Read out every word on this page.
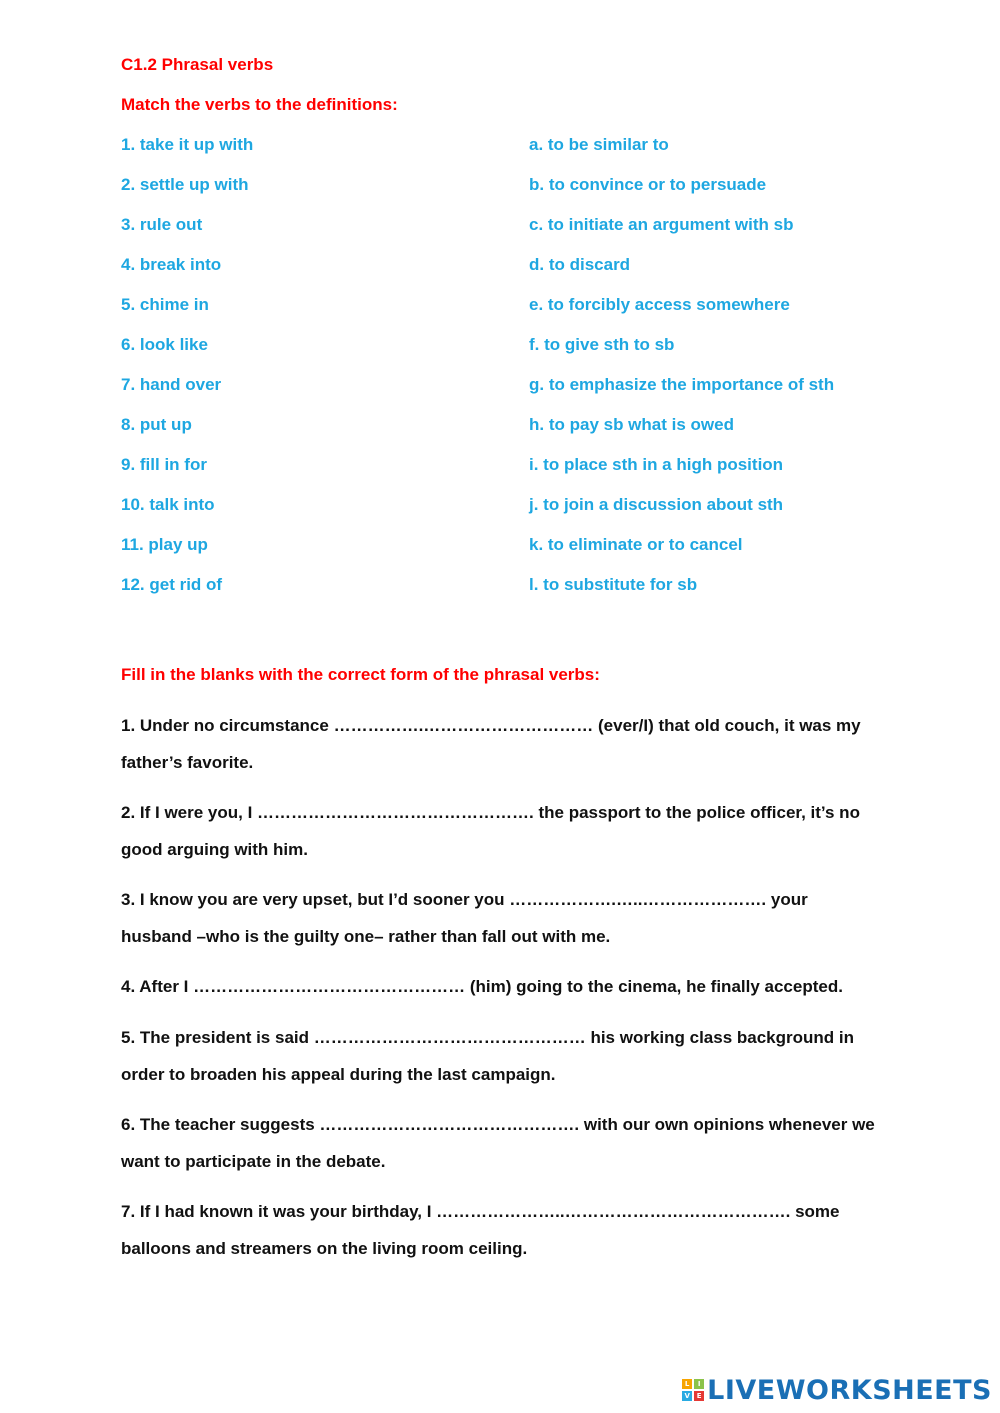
C1.2 Phrasal verbs
Match the verbs to the definitions:
1. take it up with	a. to be similar to
2. settle up with	b. to convince or to persuade
3. rule out	c. to initiate an argument with sb
4. break into	d. to discard
5. chime in	e. to forcibly access somewhere
6. look like	f. to give sth to sb
7. hand over	g. to emphasize the importance of sth
8. put up	h. to pay sb what is owed
9. fill in for	i. to place sth in a high position
10. talk into	j. to join a discussion about sth
11. play up	k. to eliminate or to cancel
12. get rid of	l. to substitute for sb
Fill in the blanks with the correct form of the phrasal verbs:
1. Under no circumstance …………….………………………… (ever/I) that old couch, it was my father’s favorite.
2. If I were you, I …………………………………………. the passport to the police officer, it’s no good arguing with him.
3. I know you are very upset, but I’d sooner you ……………….…..…………………. your husband –who is the guilty one– rather than fall out with me.
4. After I ………………………………………… (him) going to the cinema, he finally accepted.
5. The president is said ………………………………………… his working class background in order to broaden his appeal during the last campaign.
6. The teacher suggests ………………………………………. with our own opinions whenever we want to participate in the debate.
7. If I had known it was your birthday, I …………………..…………………………………. some balloons and streamers on the living room ceiling.
L	I
V E LIVEWORKSHEETS
